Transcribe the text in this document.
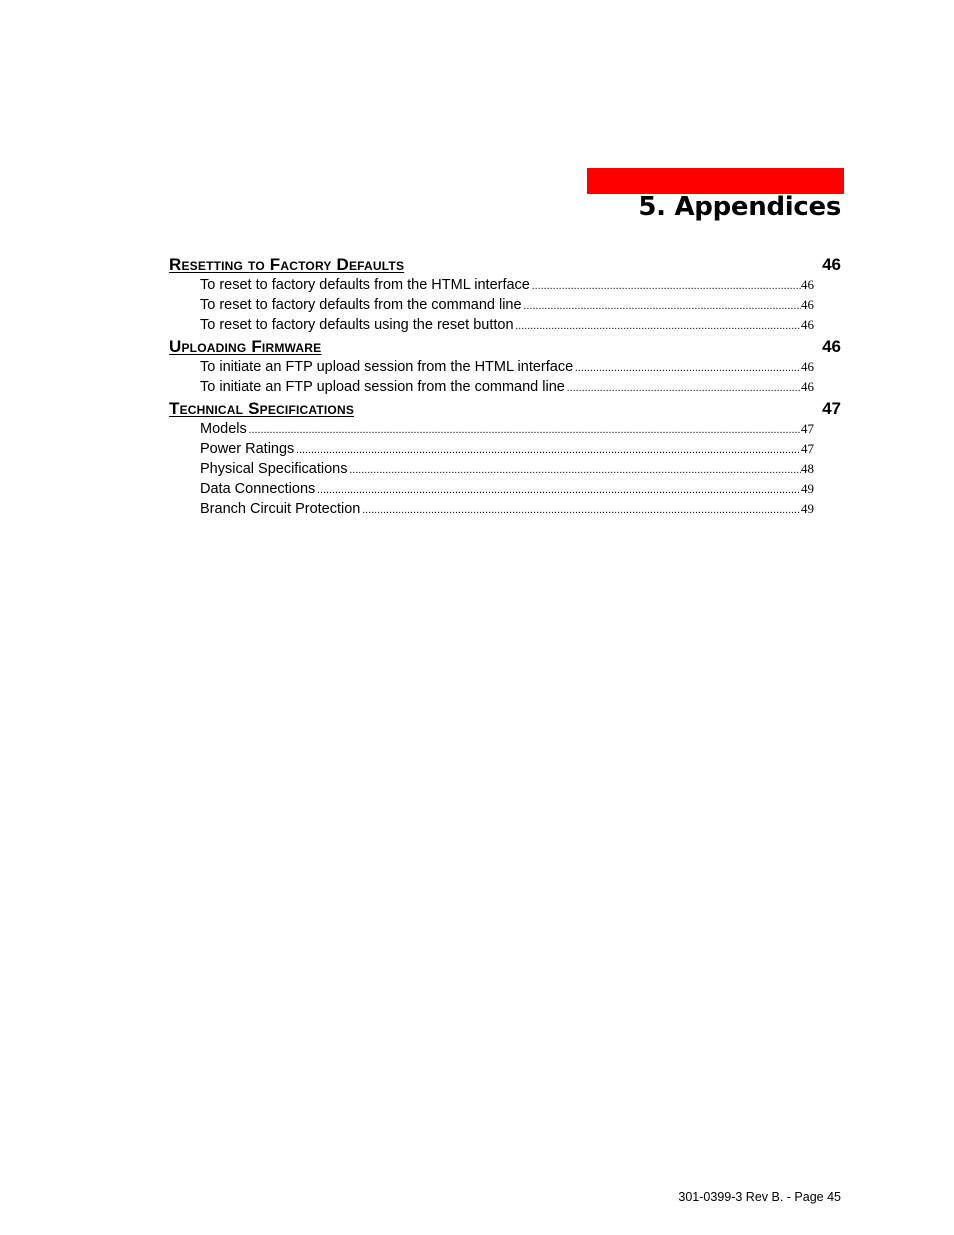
5. Appendices
Resetting to Factory Defaults	46
To reset to factory defaults from the HTML interface .....	46
To reset to factory defaults from the command line .....	46
To reset to factory defaults using the reset button .....	46
Uploading Firmware	46
To initiate an FTP upload session from the HTML interface .....	46
To initiate an FTP upload session from the command line .....	46
Technical Specifications	47
Models .....	47
Power Ratings .....	47
Physical Specifications .....	48
Data Connections .....	49
Branch Circuit Protection .....	49
301-0399-3 Rev B. - Page 45
